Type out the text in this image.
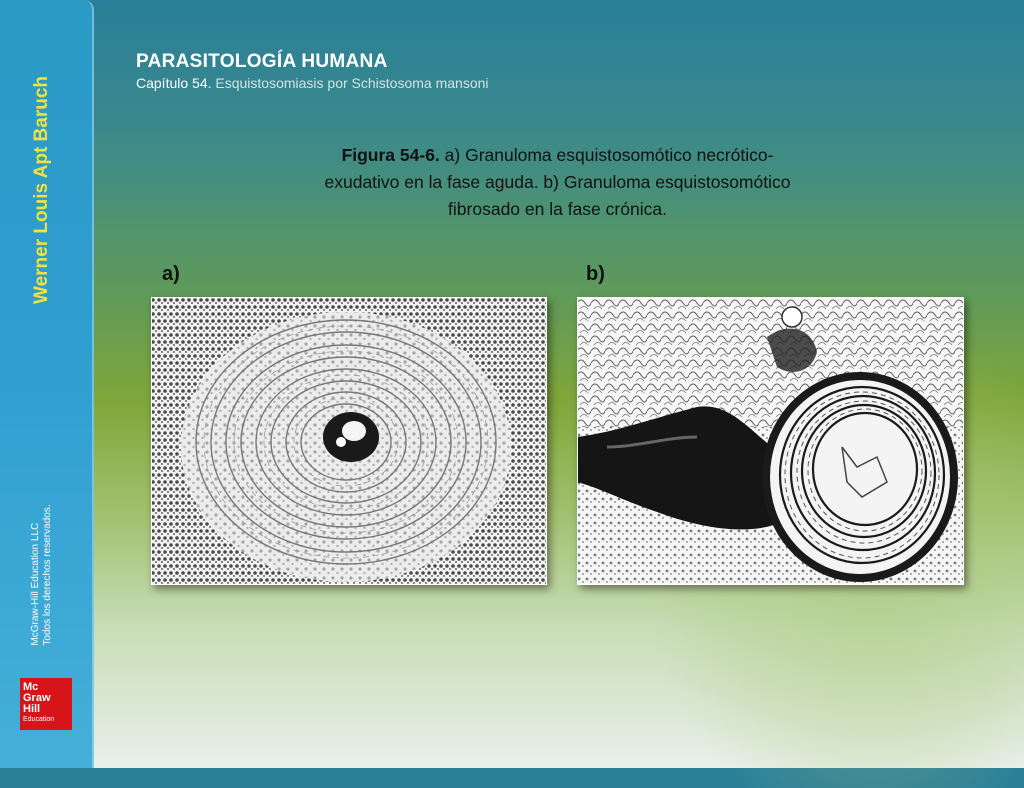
Werner Louis Apt Baruch
McGraw-Hill Education LLC Todos los derechos reservados.
Mc
Graw
Hill
Education
PARASITOLOGÍA HUMANA
Capítulo 54. Esquistosomiasis por Schistosoma mansoni
Figura 54-6. a) Granuloma esquistosomótico necrótico-exudativo en la fase aguda. b) Granuloma esquistosomótico fibrosado en la fase crónica.
a)	b)
